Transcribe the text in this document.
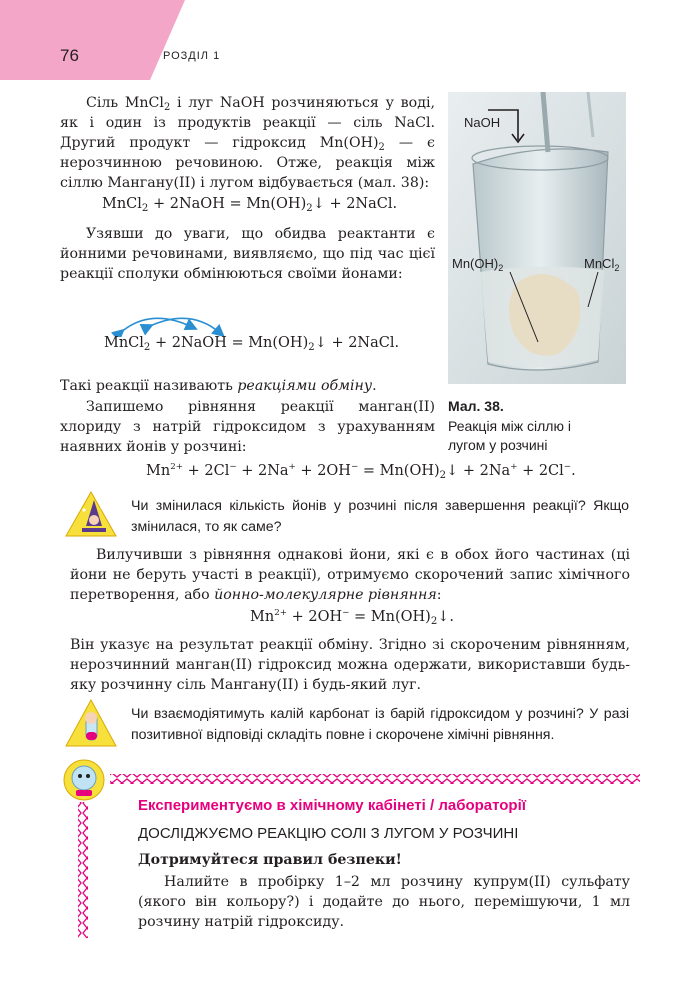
76	РОЗДІЛ 1

Сіль MnCl$_2$ і луг NaOH розчиняються у воді, як і один із продуктів реакції — сіль NaCl. Другий продукт — гідроксид $Mn(OH)_2$ — є нерозчинною речовиною. Отже, реакція між сіллю Мангану(ІІ) і лугом відбувається (мал. 38):

MnCl$_2$ + 2NaOH = $Mn(OH)_2↓$ + 2NaCl.

Узявши до уваги, що обидва реактанти є йонними речовинами, виявляємо, що під час цієї реакції сполуки обмінюються своїми йонами:

MnCl$_2$ + 2NaOH = $Mn(OH)_2↓$ + 2NaCl.

Такі реакції називають реакціями обміну.

Запишемо рівняння реакції манган(ІІ) хлориду з натрій гідроксидом з урахуванням наявних йонів у розчині:

NaOH
$Mn(OH)_2$	MnCl$_2$
Мал. 38.
Реакція між сіллю і лугом у розчині
$Mn^{2+} + 2Cl^- + 2Na^+ + 2OH^-$ = $Mn(OH)_2↓ + 2Na^+ + 2Cl^-$.

Чи змінилася кількість йонів у розчині після завершення реакції? Якщо змінилася, то як саме?

Вилучивши з рівняння однакові йони, які є в обох його частинах (ці йони не беруть участі в реакції), отримуємо скорочений запис хімічного перетворення, або йонно-молекулярне рівняння:

$Mn^{2+} + 2OH^-$ = $Mn(OH)_2↓$.

Він указує на результат реакції обміну. Згідно зі скороченим рівнянням, нерозчинний манган(ІІ) гідроксид можна одержати, використавши будь-яку розчинну сіль Мангану(ІІ) і будь-який луг.

Чи взаємодіятимуть калій карбонат із барій гідроксидом у розчині? У разі позитивної відповіді складіть повне і скорочене хімічні рівняння.

Експериментуємо в хімічному кабінеті / лабораторії
ДОСЛІДЖУЄМО РЕАКЦІЮ СОЛІ З ЛУГОМ У РОЗЧИНІ
Дотримуйтеся правил безпеки!

Налийте в пробірку 1–2 мл розчину купрум(ІІ) сульфату (якого він кольору?) і додайте до нього, перемішуючи, 1 мл розчину натрій гідроксиду.
